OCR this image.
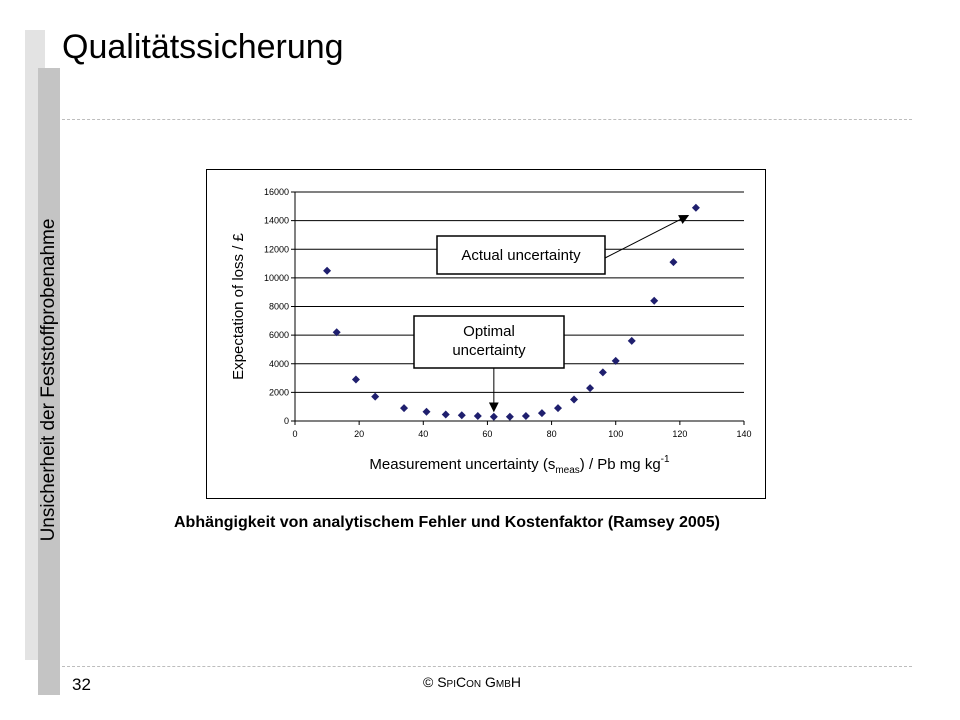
Unsicherheit der Feststoffprobenahme
Qualitätssicherung
0
2000
4000
6000
8000
10000
12000
14000
16000
0	20	40	60	80	100	120	140
Actual uncertainty
Optimal
uncertainty
Expectation of loss / £
Measurement uncertainty $(s_{meas})$ / Pb mg $kg^{-1}$
Abhängigkeit von analytischem Fehler und Kostenfaktor (Ramsey 2005)
32	© SpiCon GmbH
